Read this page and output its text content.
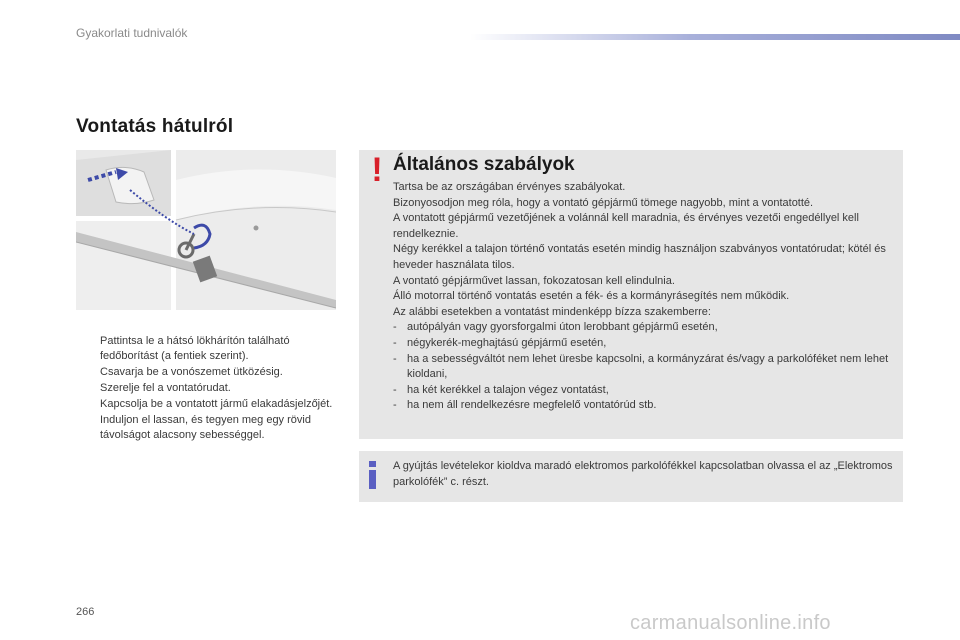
Gyakorlati tudnivalók
Vontatás hátulról
Pattintsa le a hátsó lökhárítón található fedőborítást (a fentiek szerint).
Csavarja be a vonószemet ütközésig.
Szerelje fel a vontatórudat.
Kapcsolja be a vontatott jármű elakadásjelzőjét.
Induljon el lassan, és tegyen meg egy rövid távolságot alacsony sebességgel.
! Általános szabályok

Tartsa be az országában érvényes szabályokat.

Bizonyosodjon meg róla, hogy a vontató gépjármű tömege nagyobb, mint a vontatotté.

A vontatott gépjármű vezetőjének a volánnál kell maradnia, és érvényes vezetői engedéllyel kell rendelkeznie.

Négy kerékkel a talajon történő vontatás esetén mindig használjon szabványos vontatórudat; kötél és heveder használata tilos.

A vontató gépjárművet lassan, fokozatosan kell elindulnia.

Álló motorral történő vontatás esetén a fék- és a kormányrásegítés nem működik.

Az alábbi esetekben a vontatást mindenképp bízza szakemberre:

- autópályán vagy gyorsforgalmi úton lerobbant gépjármű esetén,
- négykerék-meghajtású gépjármű esetén,
- ha a sebességváltót nem lehet üresbe kapcsolni, a kormányzárat és/vagy a parkolóféket nem lehet kioldani,
- ha két kerékkel a talajon végez vontatást,
- ha nem áll rendelkezésre megfelelő vontatórúd stb.
A gyújtás levételekor kioldva maradó elektromos parkolófékkel kapcsolatban olvassa el az „Elektromos parkolófék” c. részt.
266	carmanualsonline.info
